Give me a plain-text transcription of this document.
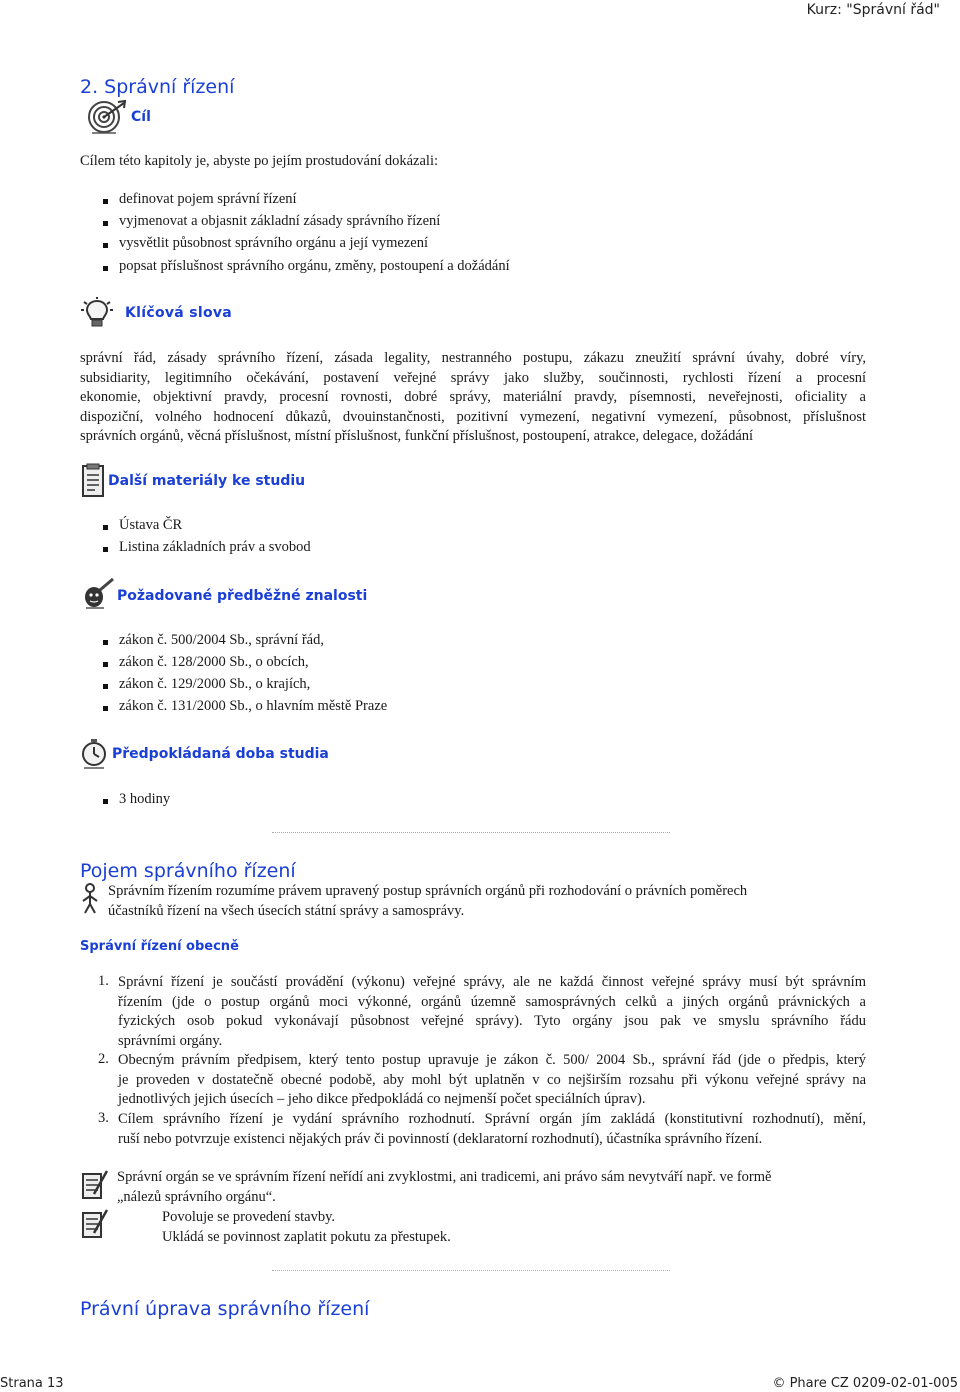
Kurz: "Správní řád"
2. Správní řízení
Cíl
Cílem této kapitoly je, abyste po jejím prostudování dokázali:
definovat pojem správní řízení
vyjmenovat a objasnit základní zásady správního řízení
vysvětlit působnost správního orgánu a její vymezení
popsat příslušnost správního orgánu, změny, postoupení a dožádání
Klíčová slova
správní řád, zásady správního řízení, zásada legality, nestranného postupu, zákazu zneužití správní úvahy, dobré víry,
subsidiarity, legitimního očekávání, postavení veřejné správy jako služby, součinnosti, rychlosti řízení a procesní
ekonomie, objektivní pravdy, procesní rovnosti, dobré správy, materiální pravdy, písemnosti, neveřejnosti, oficiality a
dispoziční, volného hodnocení důkazů, dvouinstančnosti, pozitivní vymezení, negativní vymezení, působnost, příslušnost
správních orgánů, věcná příslušnost, místní příslušnost, funkční příslušnost, postoupení, atrakce, delegace, dožádání
Další materiály ke studiu
Ústava ČR
Listina základních práv a svobod
Požadované předběžné znalosti
zákon č. 500/2004 Sb., správní řád,
zákon č. 128/2000 Sb., o obcích,
zákon č. 129/2000 Sb., o krajích,
zákon č. 131/2000 Sb., o hlavním městě Praze
Předpokládaná doba studia
3 hodiny
Pojem správního řízení
Správním řízením rozumíme právem upravený postup správních orgánů při rozhodování o právních poměrech
účastníků řízení na všech úsecích státní správy a samosprávy.
Správní řízení obecně
1. Správní řízení je součástí provádění (výkonu) veřejné správy, ale ne každá činnost veřejné správy musí být správním
řízením (jde o postup orgánů moci výkonné, orgánů územně samosprávných celků a jiných orgánů právnických a
fyzických osob pokud vykonávají působnost veřejné správy). Tyto orgány jsou pak ve smyslu správního řádu
správními orgány.
2. Obecným právním předpisem, který tento postup upravuje je zákon č. 500/ 2004 Sb., správní řád (jde o předpis, který
je proveden v dostatečně obecné podobě, aby mohl být uplatněn v co nejširším rozsahu při výkonu veřejné správy na
jednotlivých jejich úsecích – jeho dikce předpokládá co nejmenší počet speciálních úprav).
3. Cílem správního řízení je vydání správního rozhodnutí. Správní orgán jím zakládá (konstitutivní rozhodnutí), mění,
ruší nebo potvrzuje existenci nějakých práv či povinností (deklaratorní rozhodnutí), účastníka správního řízení.
Správní orgán se ve správním řízení neřídí ani zvyklostmi, ani tradicemi, ani právo sám nevytváří např. ve formě
„nálezů správního orgánu“.
Povoluje se provedení stavby.
Ukládá se povinnost zaplatit pokutu za přestupek.
Právní úprava správního řízení
Strana 13	© Phare CZ 0209-02-01-005
